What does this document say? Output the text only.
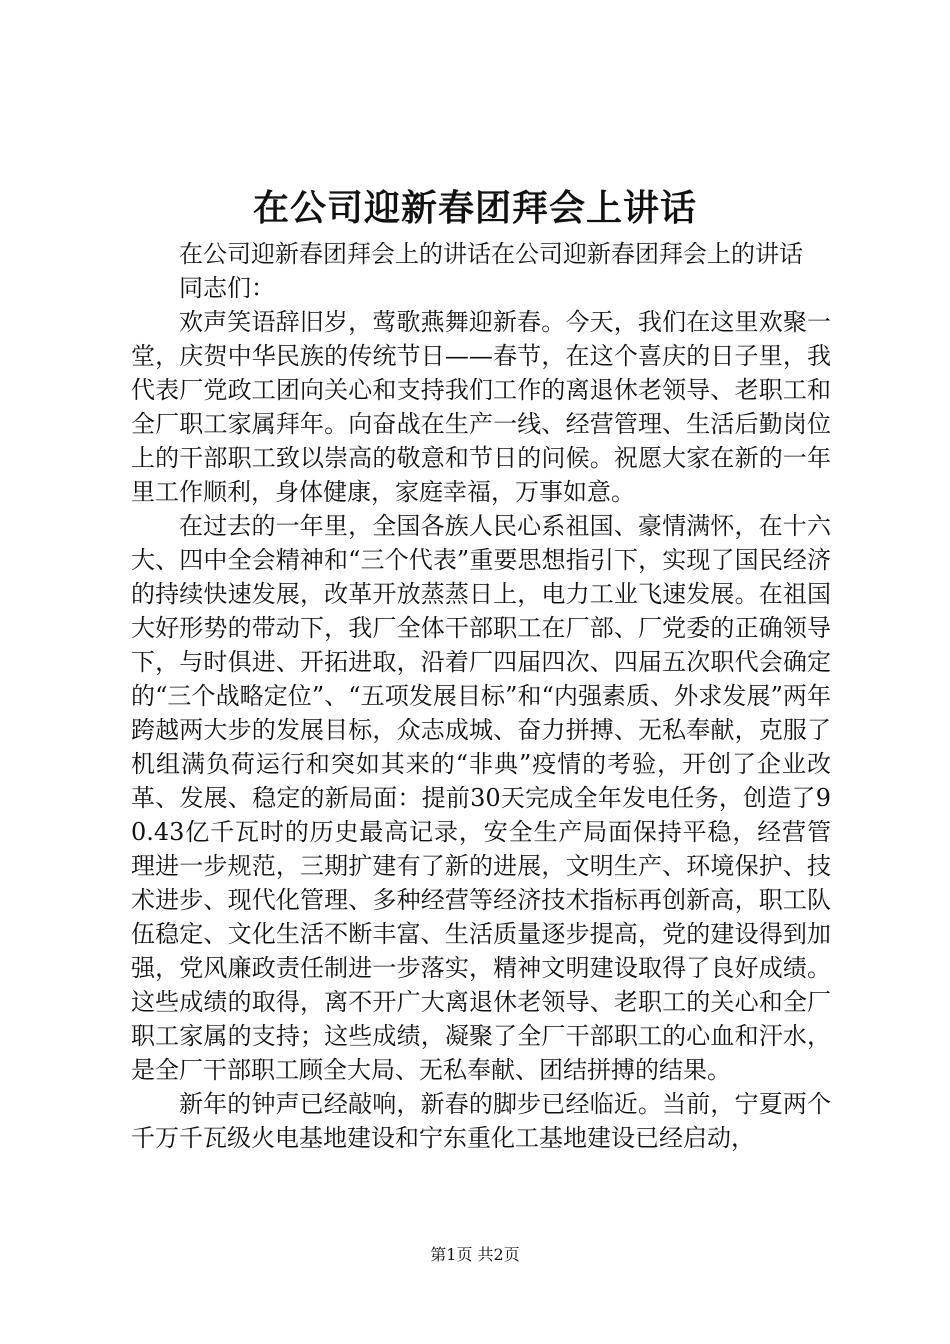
在公司迎新春团拜会上讲话

在公司迎新春团拜会上的讲话在公司迎新春团拜会上的讲话

同志们：

欢声笑语辞旧岁，莺歌燕舞迎新春。今天，我们在这里欢聚一堂，庆贺中华民族的传统节日——春节，在这个喜庆的日子里，我代表厂党政工团向关心和支持我们工作的离退休老领导、老职工和全厂职工家属拜年。向奋战在生产一线、经营管理、生活后勤岗位上的干部职工致以崇高的敬意和节日的问候。祝愿大家在新的一年里工作顺利，身体健康，家庭幸福，万事如意。

在过去的一年里，全国各族人民心系祖国、豪情满怀，在十六大、四中全会精神和“三个代表”重要思想指引下，实现了国民经济的持续快速发展，改革开放蒸蒸日上，电力工业飞速发展。在祖国大好形势的带动下，我厂全体干部职工在厂部、厂党委的正确领导下，与时俱进、开拓进取，沿着厂四届四次、四届五次职代会确定的“三个战略定位”、“五项发展目标”和“内强素质、外求发展”两年跨越两大步的发展目标，众志成城、奋力拼搏、无私奉献，克服了机组满负荷运行和突如其来的“非典”疫情的考验，开创了企业改革、发展、稳定的新局面：提前30天完成全年发电任务，创造了90.43亿千瓦时的历史最高记录，安全生产局面保持平稳，经营管理进一步规范，三期扩建有了新的进展，文明生产、环境保护、技术进步、现代化管理、多种经营等经济技术指标再创新高，职工队伍稳定、文化生活不断丰富、生活质量逐步提高，党的建设得到加强，党风廉政责任制进一步落实，精神文明建设取得了良好成绩。这些成绩的取得，离不开广大离退休老领导、老职工的关心和全厂职工家属的支持；这些成绩，凝聚了全厂干部职工的心血和汗水，是全厂干部职工顾全大局、无私奉献、团结拼搏的结果。

新年的钟声已经敲响，新春的脚步已经临近。当前，宁夏两个千万千瓦级火电基地建设和宁东重化工基地建设已经启动，

第1页 共2页
